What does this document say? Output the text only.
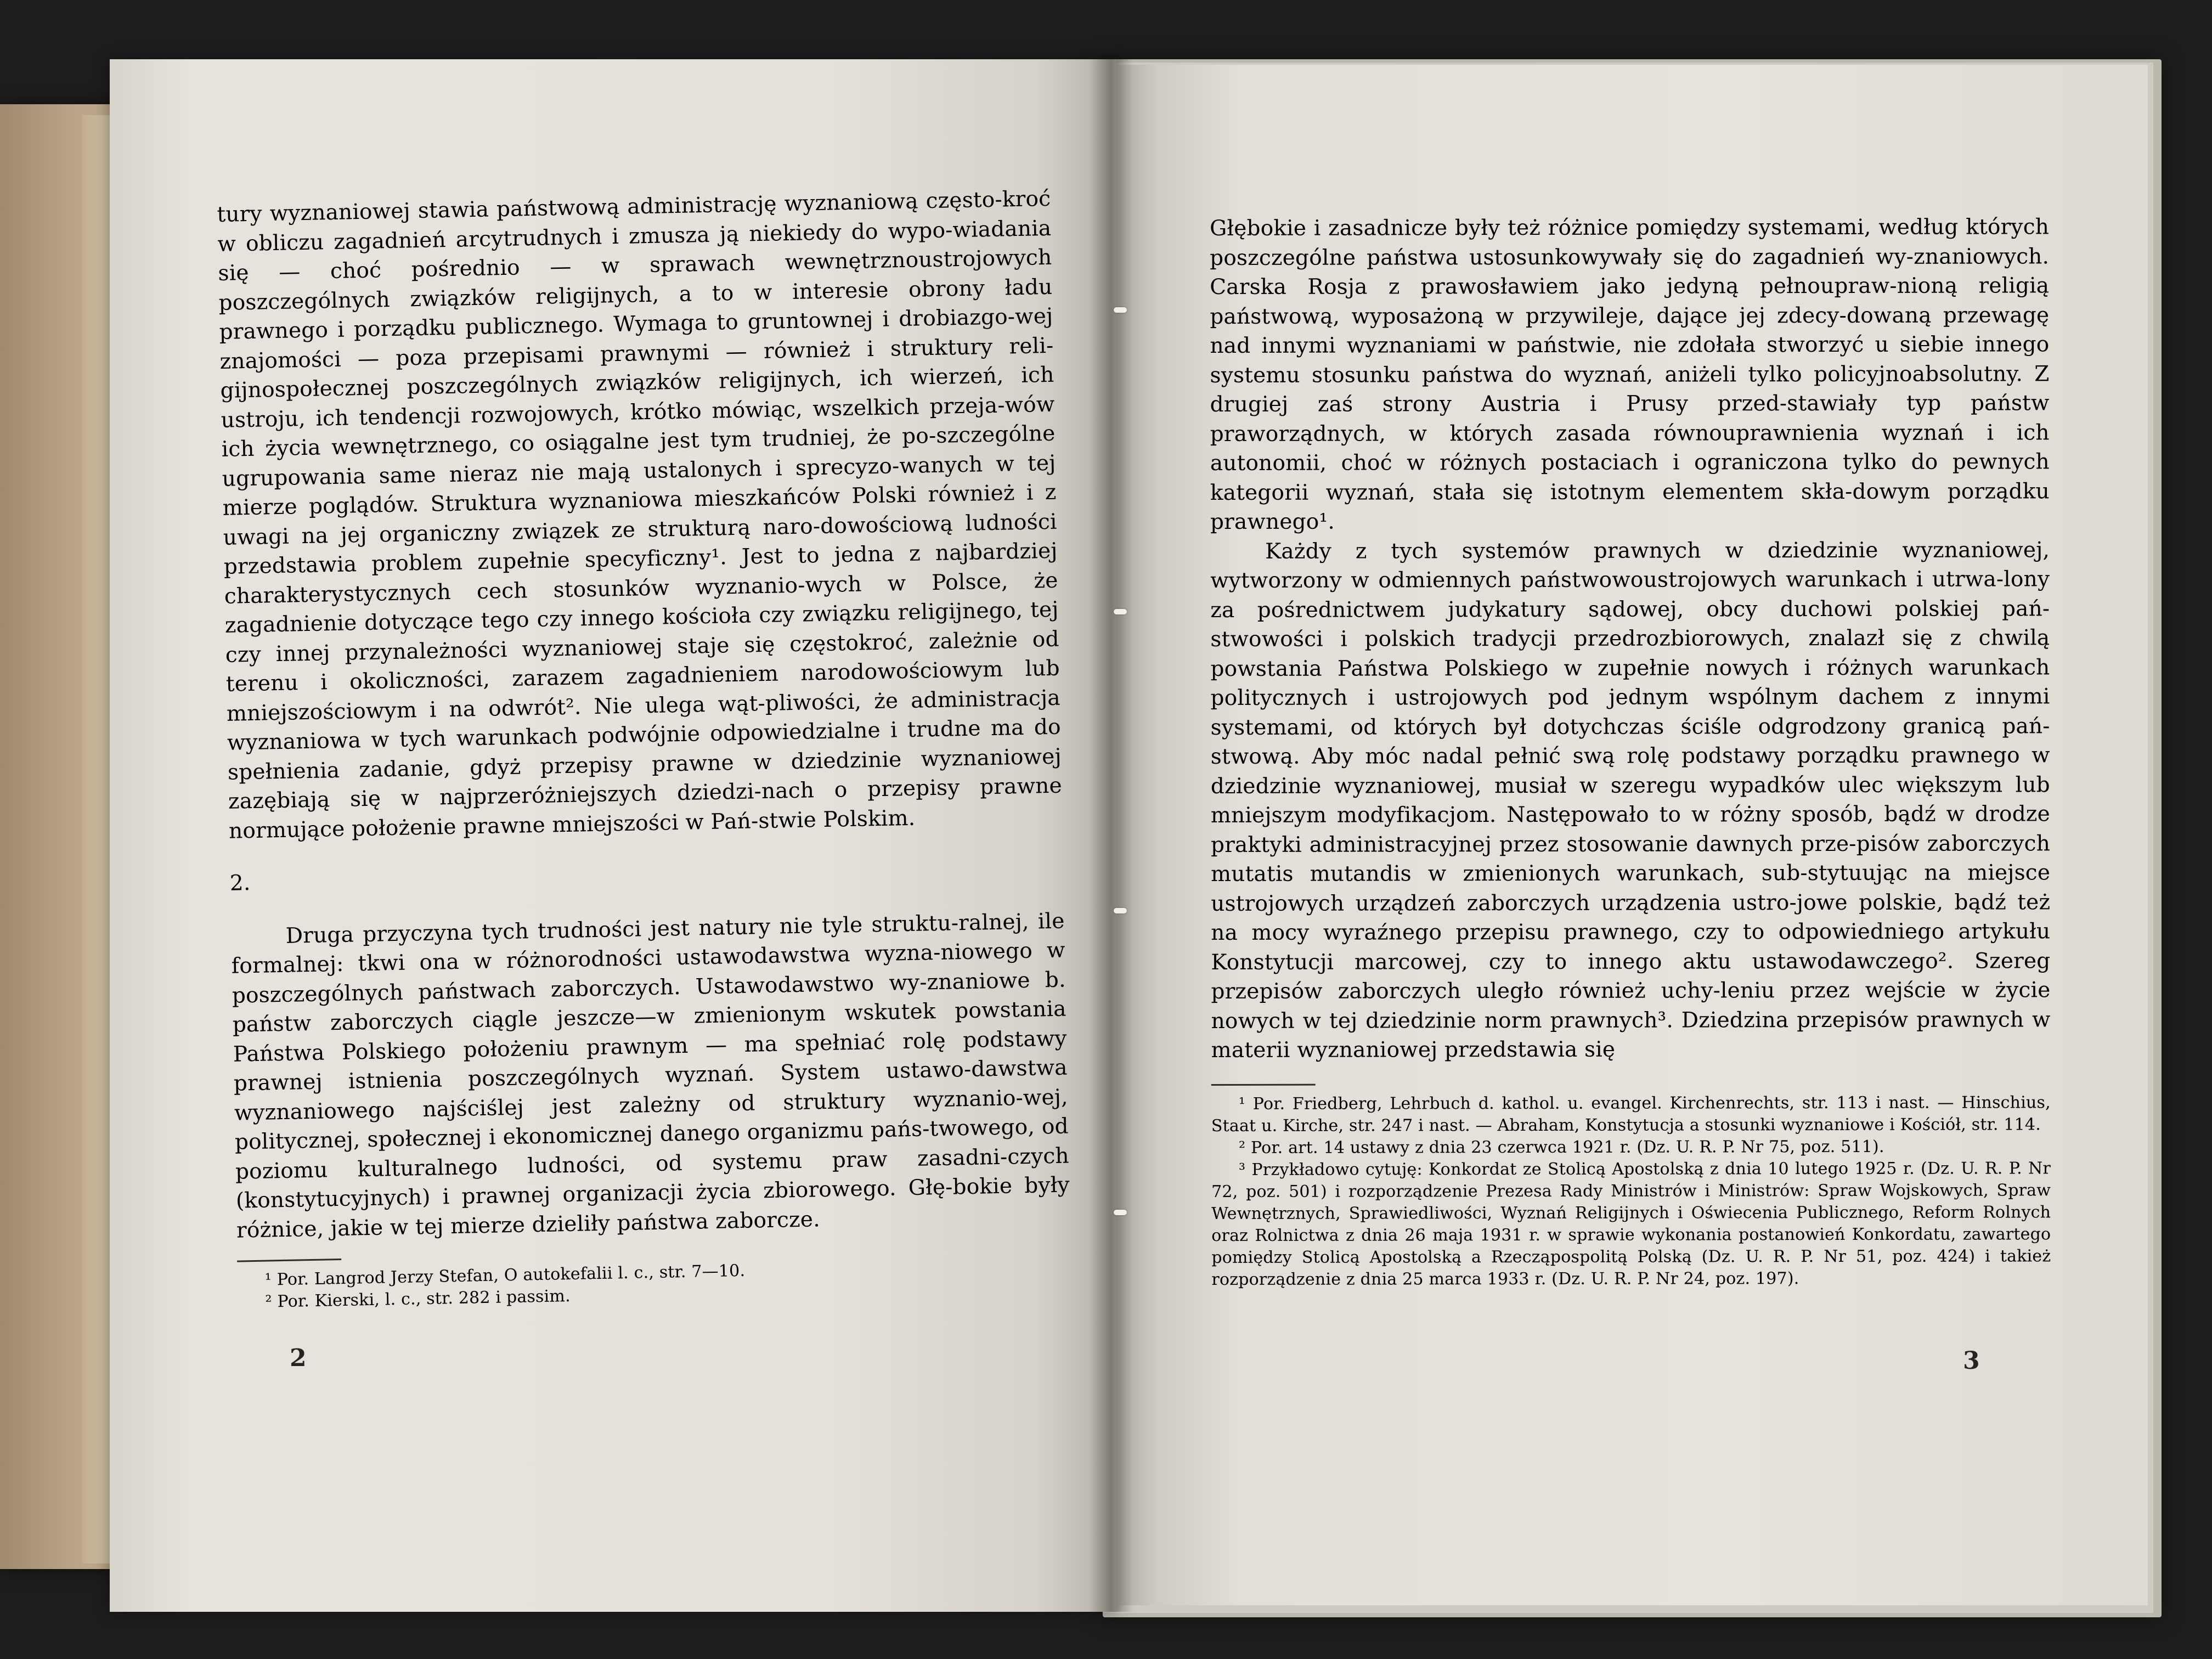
tury wyznaniowej stawia państwową administrację wyznaniową często-kroć w obliczu zagadnień arcytrudnych i zmusza ją niekiedy do wypo-wiadania się — choć pośrednio — w sprawach wewnętrznoustrojowych poszczególnych związków religijnych, a to w interesie obrony ładu prawnego i porządku publicznego. Wymaga to gruntownej i drobiazgo-wej znajomości — poza przepisami prawnymi — również i struktury reli-gijnospołecznej poszczególnych związków religijnych, ich wierzeń, ich ustroju, ich tendencji rozwojowych, krótko mówiąc, wszelkich przeja-wów ich życia wewnętrznego, co osiągalne jest tym trudniej, że po-szczególne ugrupowania same nieraz nie mają ustalonych i sprecyzo-wanych w tej mierze poglądów. Struktura wyznaniowa mieszkańców Polski również i z uwagi na jej organiczny związek ze strukturą naro-dowościową ludności przedstawia problem zupełnie specyficzny¹. Jest to jedna z najbardziej charakterystycznych cech stosunków wyznanio-wych w Polsce, że zagadnienie dotyczące tego czy innego kościoła czy związku religijnego, tej czy innej przynależności wyznaniowej staje się częstokroć, zależnie od terenu i okoliczności, zarazem zagadnieniem narodowościowym lub mniejszościowym i na odwrót². Nie ulega wąt-pliwości, że administracja wyznaniowa w tych warunkach podwójnie odpowiedzialne i trudne ma do spełnienia zadanie, gdyż przepisy prawne w dziedzinie wyznaniowej zazębiają się w najprzeróżniejszych dziedzi-nach o przepisy prawne normujące położenie prawne mniejszości w Pań-stwie Polskim.

2.

Druga przyczyna tych trudności jest natury nie tyle struktu-ralnej, ile formalnej: tkwi ona w różnorodności ustawodawstwa wyzna-niowego w poszczególnych państwach zaborczych. Ustawodawstwo wy-znaniowe b. państw zaborczych ciągle jeszcze—w zmienionym wskutek powstania Państwa Polskiego położeniu prawnym — ma spełniać rolę podstawy prawnej istnienia poszczególnych wyznań. System ustawo-dawstwa wyznaniowego najściślej jest zależny od struktury wyznanio-wej, politycznej, społecznej i ekonomicznej danego organizmu pańs-twowego, od poziomu kulturalnego ludności, od systemu praw zasadni-czych (konstytucyjnych) i prawnej organizacji życia zbiorowego. Głę-bokie były różnice, jakie w tej mierze dzieliły państwa zaborcze.

¹ Por. Langrod Jerzy Stefan, O autokefalii l. c., str. 7—10.

² Por. Kierski, l. c., str. 282 i passim.

2

Głębokie i zasadnicze były też różnice pomiędzy systemami, według których poszczególne państwa ustosunkowywały się do zagadnień wy-znaniowych. Carska Rosja z prawosławiem jako jedyną pełnoupraw-nioną religią państwową, wyposażoną w przywileje, dające jej zdecy-dowaną przewagę nad innymi wyznaniami w państwie, nie zdołała stworzyć u siebie innego systemu stosunku państwa do wyznań, aniżeli tylko policyjnoabsolutny. Z drugiej zaś strony Austria i Prusy przed-stawiały typ państw praworządnych, w których zasada równouprawnienia wyznań i ich autonomii, choć w różnych postaciach i ograniczona tylko do pewnych kategorii wyznań, stała się istotnym elementem skła-dowym porządku prawnego¹.

Każdy z tych systemów prawnych w dziedzinie wyznaniowej, wytworzony w odmiennych państwowoustrojowych warunkach i utrwa-lony za pośrednictwem judykatury sądowej, obcy duchowi polskiej pań-stwowości i polskich tradycji przedrozbiorowych, znalazł się z chwilą powstania Państwa Polskiego w zupełnie nowych i różnych warunkach politycznych i ustrojowych pod jednym wspólnym dachem z innymi systemami, od których był dotychczas ściśle odgrodzony granicą pań-stwową. Aby móc nadal pełnić swą rolę podstawy porządku prawnego w dziedzinie wyznaniowej, musiał w szeregu wypadków ulec większym lub mniejszym modyfikacjom. Następowało to w różny sposób, bądź w drodze praktyki administracyjnej przez stosowanie dawnych prze-pisów zaborczych mutatis mutandis w zmienionych warunkach, sub-stytuując na miejsce ustrojowych urządzeń zaborczych urządzenia ustro-jowe polskie, bądź też na mocy wyraźnego przepisu prawnego, czy to odpowiedniego artykułu Konstytucji marcowej, czy to innego aktu ustawodawczego². Szereg przepisów zaborczych uległo również uchy-leniu przez wejście w życie nowych w tej dziedzinie norm prawnych³. Dziedzina przepisów prawnych w materii wyznaniowej przedstawia się

¹ Por. Friedberg, Lehrbuch d. kathol. u. evangel. Kirchenrechts, str. 113 i nast. — Hinschius, Staat u. Kirche, str. 247 i nast. — Abraham, Konstytucja a stosunki wyznaniowe i Kościół, str. 114.

² Por. art. 14 ustawy z dnia 23 czerwca 1921 r. (Dz. U. R. P. Nr 75, poz. 511).

³ Przykładowo cytuję: Konkordat ze Stolicą Apostolską z dnia 10 lutego 1925 r. (Dz. U. R. P. Nr 72, poz. 501) i rozporządzenie Prezesa Rady Ministrów i Ministrów: Spraw Wojskowych, Spraw Wewnętrznych, Sprawiedliwości, Wyznań Religijnych i Oświecenia Publicznego, Reform Rolnych oraz Rolnictwa z dnia 26 maja 1931 r. w sprawie wykonania postanowień Konkordatu, zawartego pomiędzy Stolicą Apostolską a Rzecząpospolitą Polską (Dz. U. R. P. Nr 51, poz. 424) i takież rozporządzenie z dnia 25 marca 1933 r. (Dz. U. R. P. Nr 24, poz. 197).

3
